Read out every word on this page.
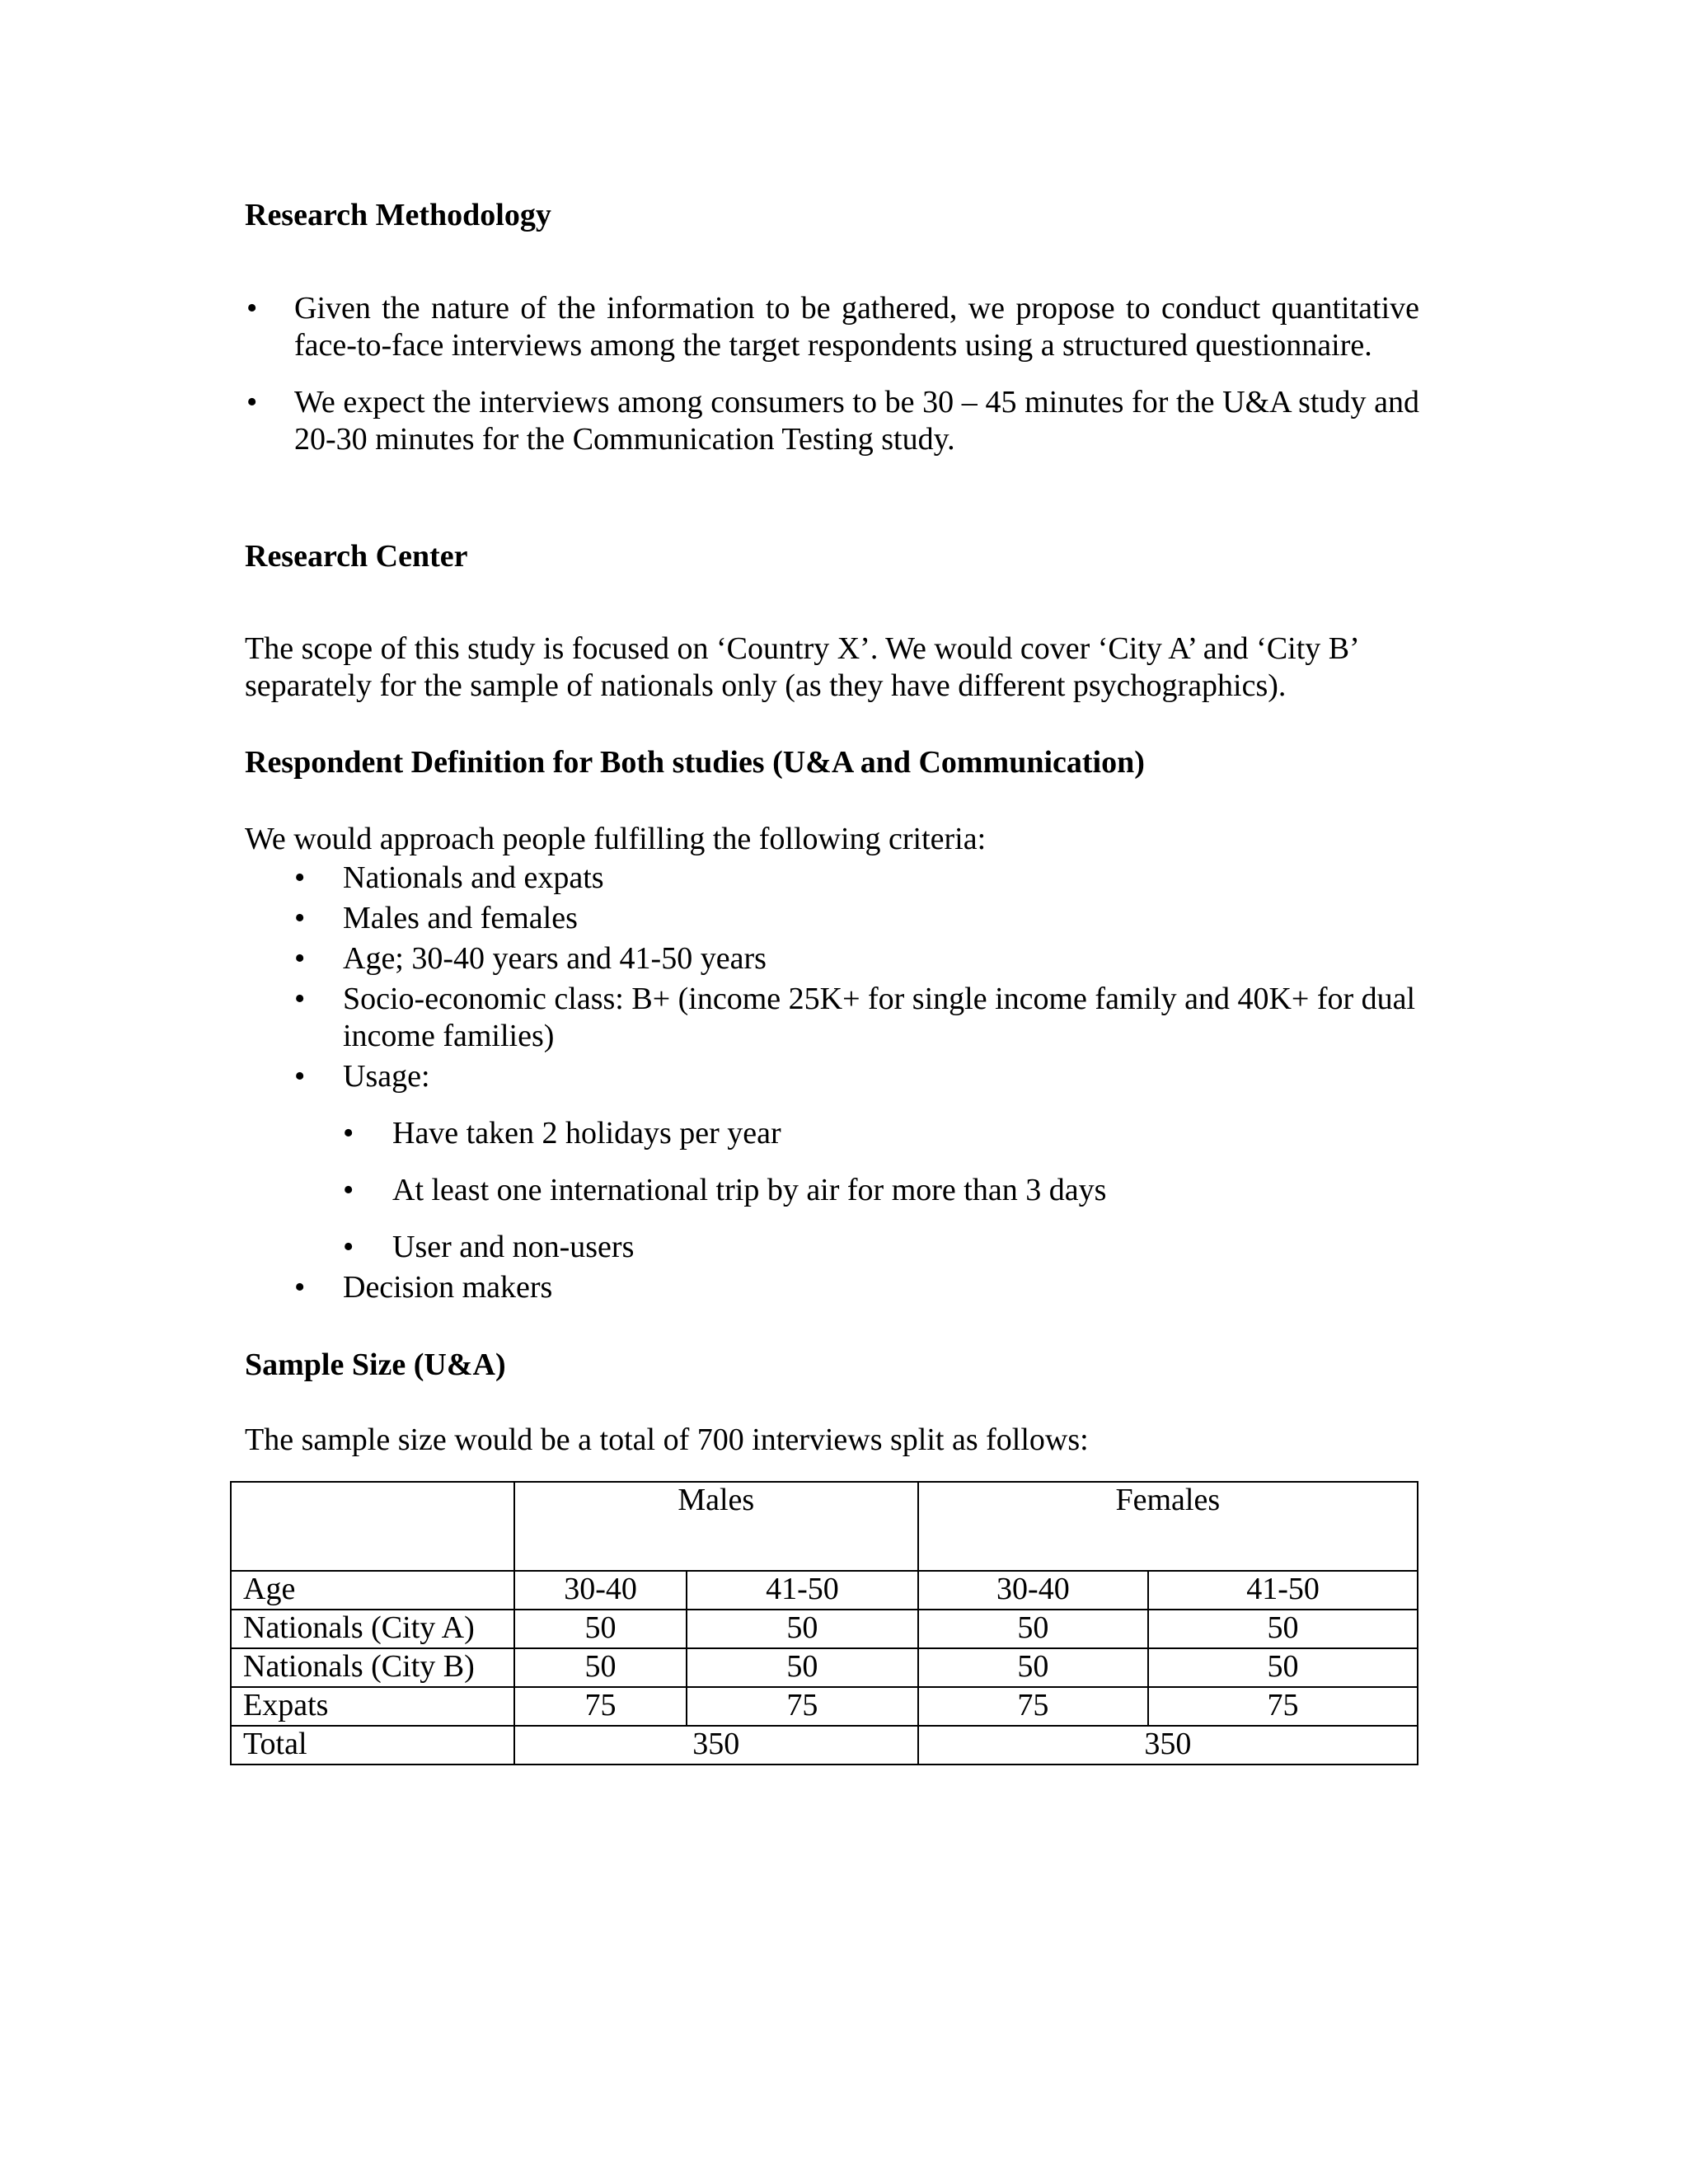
Research Methodology
• Given the nature of the information to be gathered, we propose to conduct quantitative face-to-face interviews among the target respondents using a structured questionnaire.
• We expect the interviews among consumers to be 30 – 45 minutes for the U&A study and 20-30 minutes for the Communication Testing study.
Research Center

The scope of this study is focused on ‘Country X’. We would cover ‘City A’ and ‘City B’ separately for the sample of nationals only (as they have different psychographics).

Respondent Definition for Both studies (U&A and Communication)

We would approach people fulfilling the following criteria:

• Nationals and expats
• Males and females
• Age; 30-40 years and 41-50 years
• Socio-economic class: B+ (income 25K+ for single income family and 40K+ for dual income families)
• Usage:
• Have taken 2 holidays per year
• At least one international trip by air for more than 3 days
• User and non-users
• Decision makers
Sample Size (U&A)

The sample size would be a total of 700 interviews split as follows:

	Males		Females	
Age	30-40	41-50	30-40	41-50
Nationals (City A)	50	50	50	50
Nationals (City B)	50	50	50	50
Expats	75	75	75	75
Total	350		350	
